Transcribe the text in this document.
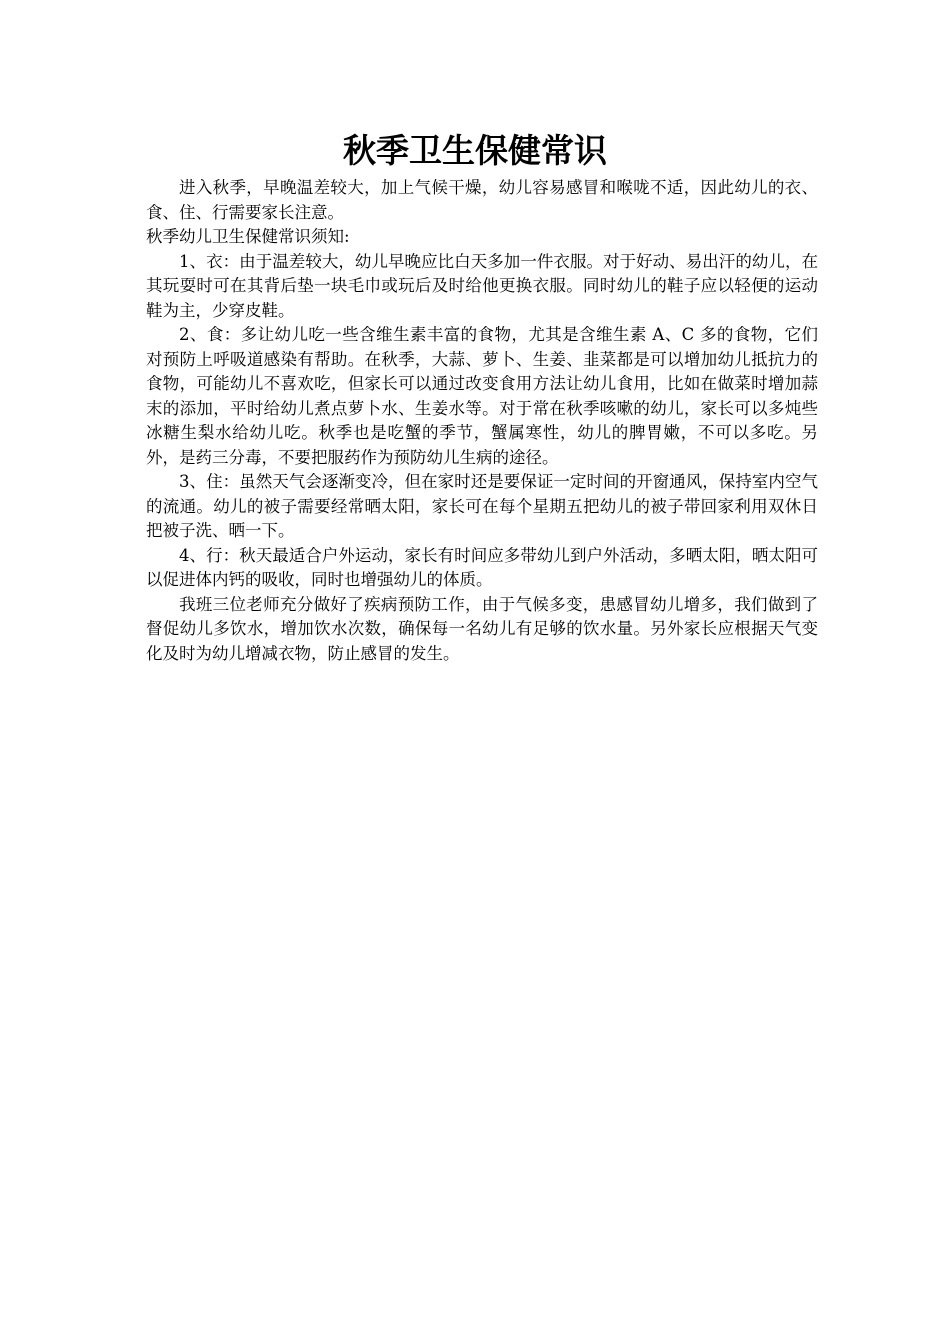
秋季卫生保健常识

进入秋季，早晚温差较大，加上气候干燥，幼儿容易感冒和喉咙不适，因此幼儿的衣、食、住、行需要家长注意。

秋季幼儿卫生保健常识须知:

1、衣：由于温差较大，幼儿早晚应比白天多加一件衣服。对于好动、易出汗的幼儿，在其玩耍时可在其背后垫一块毛巾或玩后及时给他更换衣服。同时幼儿的鞋子应以轻便的运动鞋为主，少穿皮鞋。

2、食：多让幼儿吃一些含维生素丰富的食物，尤其是含维生素 A、C 多的食物，它们对预防上呼吸道感染有帮助。在秋季，大蒜、萝卜、生姜、韭菜都是可以增加幼儿抵抗力的食物，可能幼儿不喜欢吃，但家长可以通过改变食用方法让幼儿食用，比如在做菜时增加蒜末的添加，平时给幼儿煮点萝卜水、生姜水等。对于常在秋季咳嗽的幼儿，家长可以多炖些冰糖生梨水给幼儿吃。秋季也是吃蟹的季节，蟹属寒性，幼儿的脾胃嫩，不可以多吃。另外，是药三分毒，不要把服药作为预防幼儿生病的途径。

3、住：虽然天气会逐渐变冷，但在家时还是要保证一定时间的开窗通风，保持室内空气的流通。幼儿的被子需要经常晒太阳，家长可在每个星期五把幼儿的被子带回家利用双休日把被子洗、晒一下。

4、行：秋天最适合户外运动，家长有时间应多带幼儿到户外活动，多晒太阳，晒太阳可以促进体内钙的吸收，同时也增强幼儿的体质。

我班三位老师充分做好了疾病预防工作，由于气候多变，患感冒幼儿增多，我们做到了督促幼儿多饮水，增加饮水次数，确保每一名幼儿有足够的饮水量。另外家长应根据天气变化及时为幼儿增减衣物，防止感冒的发生。
